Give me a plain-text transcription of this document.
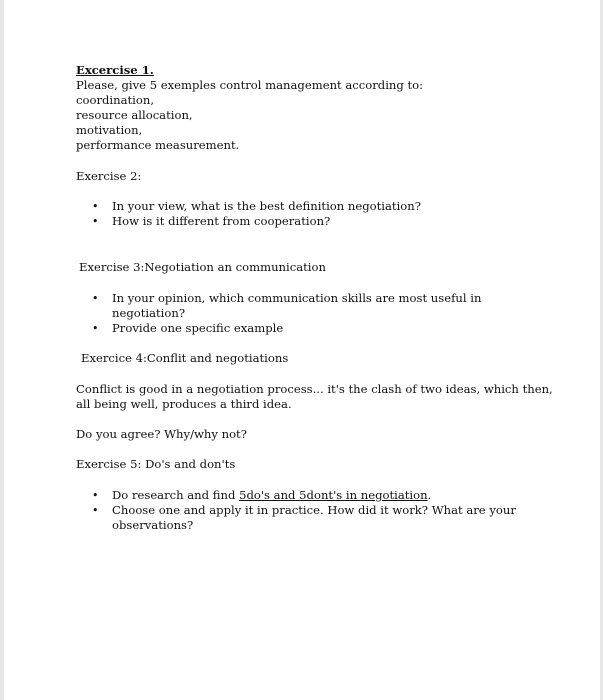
Excercise 1.
Please, give 5 exemples control management according to:
coordination,
resource allocation,
motivation,
performance measurement.
Exercise 2:
• In your view, what is the best definition negotiation?
• How is it different from cooperation?
Exercise 3:Negotiation an communication
• In your opinion, which communication skills are most useful in
negotiation?
• Provide one specific example
Exercice 4:Conflit and negotiations
Conflict is good in a negotiation process... it's the clash of two ideas, which then,
all being well, produces a third idea.
Do you agree? Why/why not?
Exercise 5: Do's and don'ts
• Do research and find 5do's and 5dont's in negotiation.
• Choose one and apply it in practice. How did it work? What are your
observations?
